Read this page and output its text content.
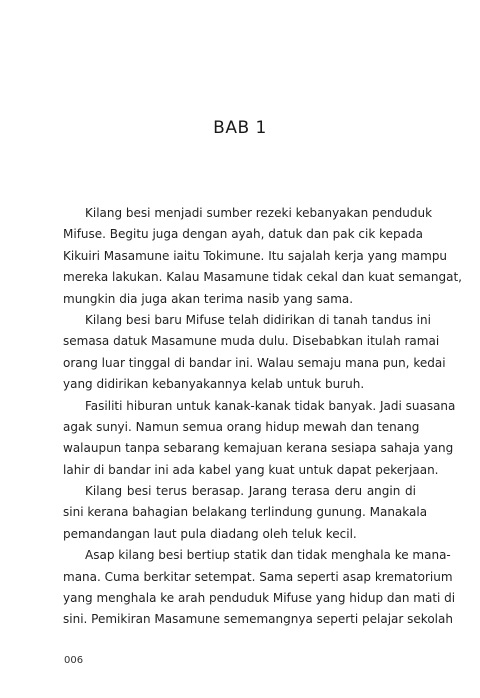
BAB 1
Kilang besi menjadi sumber rezeki kebanyakan penduduk
Mifuse. Begitu juga dengan ayah, datuk dan pak cik kepada
Kikuiri Masamune iaitu Tokimune. Itu sajalah kerja yang mampu
mereka lakukan. Kalau Masamune tidak cekal dan kuat semangat,
mungkin dia juga akan terima nasib yang sama.
Kilang besi baru Mifuse telah didirikan di tanah tandus ini
semasa datuk Masamune muda dulu. Disebabkan itulah ramai
orang luar tinggal di bandar ini. Walau semaju mana pun, kedai
yang didirikan kebanyakannya kelab untuk buruh.
Fasiliti hiburan untuk kanak-kanak tidak banyak. Jadi suasana
agak sunyi. Namun semua orang hidup mewah dan tenang
walaupun tanpa sebarang kemajuan kerana sesiapa sahaja yang
lahir di bandar ini ada kabel yang kuat untuk dapat pekerjaan.
Kilang besi terus berasap. Jarang terasa deru angin di
sini kerana bahagian belakang terlindung gunung. Manakala
pemandangan laut pula diadang oleh teluk kecil.
Asap kilang besi bertiup statik dan tidak menghala ke mana-
mana. Cuma berkitar setempat. Sama seperti asap krematorium
yang menghala ke arah penduduk Mifuse yang hidup dan mati di
sini. Pemikiran Masamune sememangnya seperti pelajar sekolah

006
